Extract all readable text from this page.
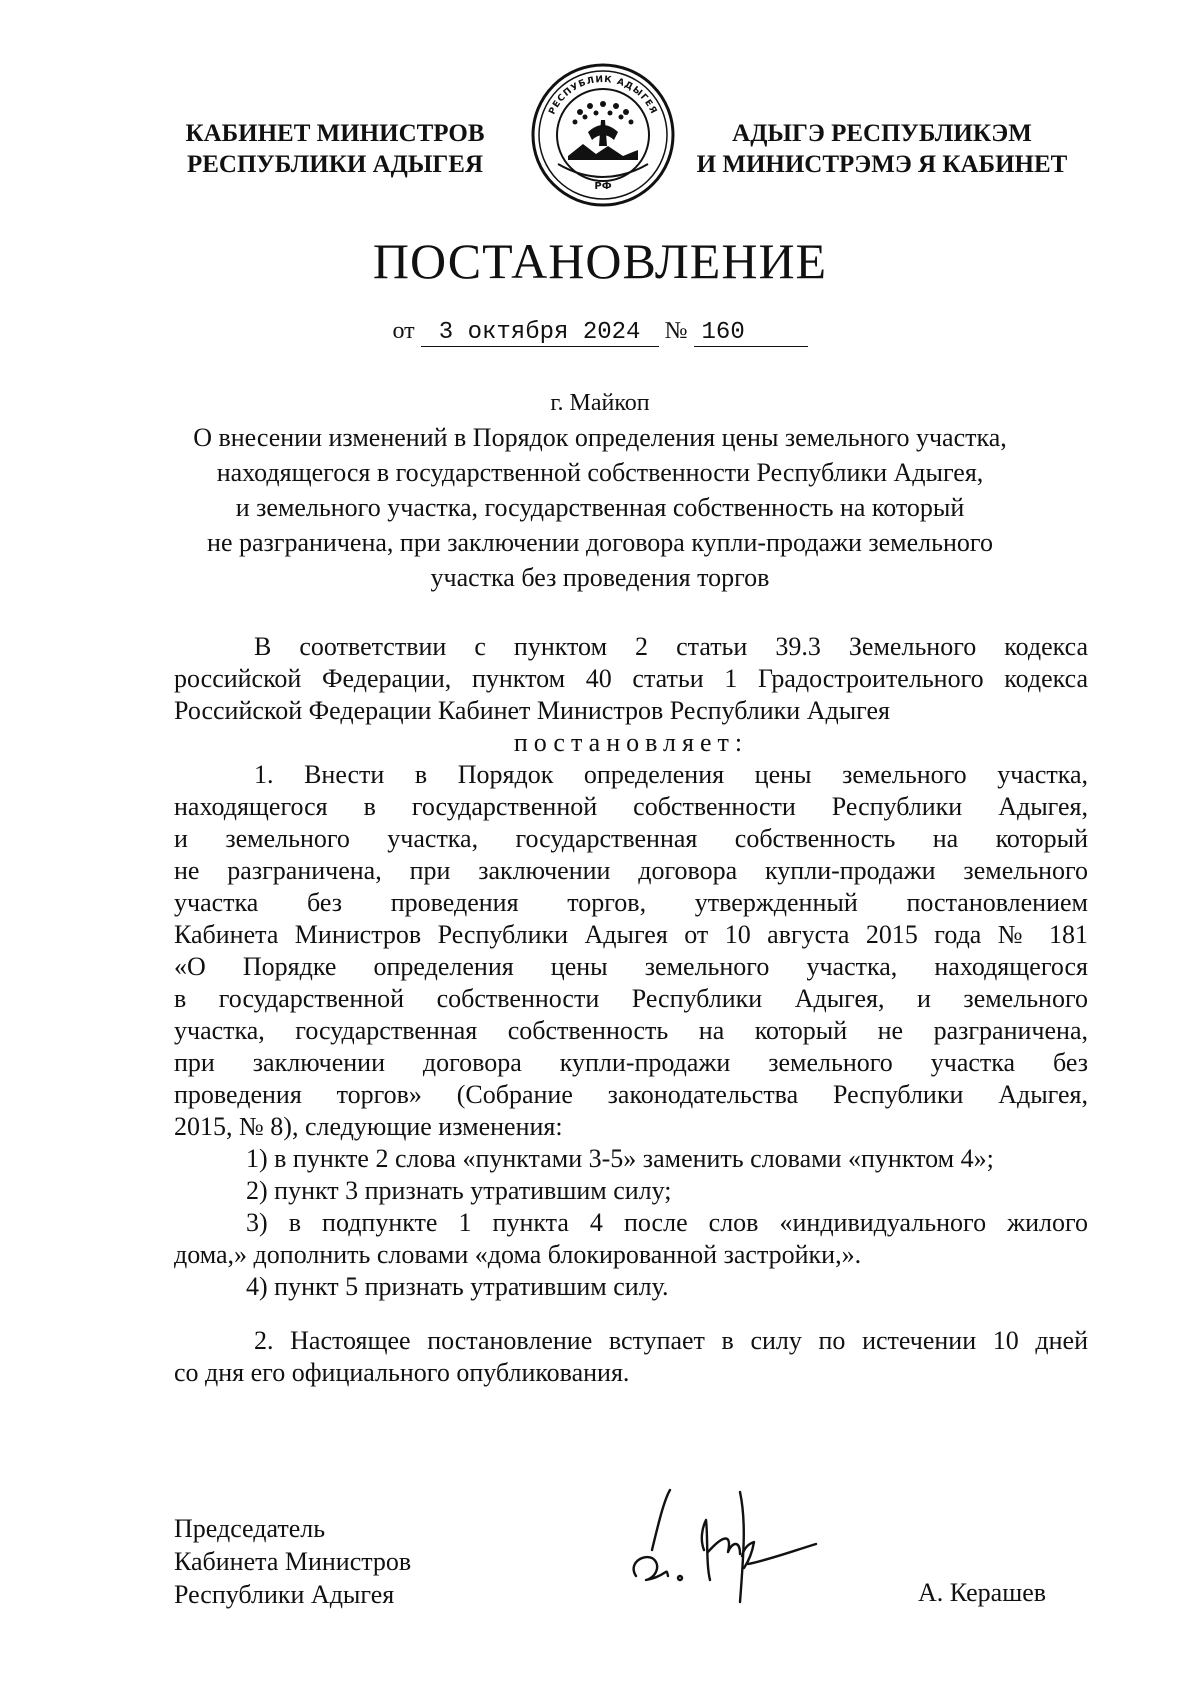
КАБИНЕТ МИНИСТРОВ
РЕСПУБЛИКИ АДЫГЕЯ
РЕСПУБЛИК АДЫГЕЯ
РФ
АДЫГЭ РЕСПУБЛИКЭМ
И МИНИСТРЭМЭ Я КАБИНЕТ
ПОСТАНОВЛЕНИЕ
от 3 октября 2024 № 160
г. Майкоп
О внесении изменений в Порядок определения цены земельного участка,
находящегося в государственной собственности Республики Адыгея,
и земельного участка, государственная собственность на который
не разграничена, при заключении договора купли-продажи земельного
участка без проведения торгов

В соответствии с пунктом 2 статьи 39.3 Земельного кодекса

российской Федерации, пунктом 40 статьи 1 Градостроительного кодекса

Российской Федерации Кабинет Министров Республики Адыгея

постановляет:

1. Внести в Порядок определения цены земельного участка,

находящегося в государственной собственности Республики Адыгея,

и земельного участка, государственная собственность на который

не разграничена, при заключении договора купли-продажи земельного

участка без проведения торгов, утвержденный постановлением

Кабинета Министров Республики Адыгея от 10 августа 2015 года № 181

«О Порядке определения цены земельного участка, находящегося

в государственной собственности Республики Адыгея, и земельного

участка, государственная собственность на который не разграничена,

при заключении договора купли-продажи земельного участка без

проведения торгов» (Собрание законодательства Республики Адыгея,

2015, № 8), следующие изменения:

1) в пункте 2 слова «пунктами 3-5» заменить словами «пунктом 4»;

2) пункт 3 признать утратившим силу;

3) в подпункте 1 пункта 4 после слов «индивидуального жилого

дома,» дополнить словами «дома блокированной застройки,».

4) пункт 5 признать утратившим силу.

2. Настоящее постановление вступает в силу по истечении 10 дней

со дня его официального опубликования.

Председатель
Кабинета Министров
Республики Адыгея	А. Керашев
